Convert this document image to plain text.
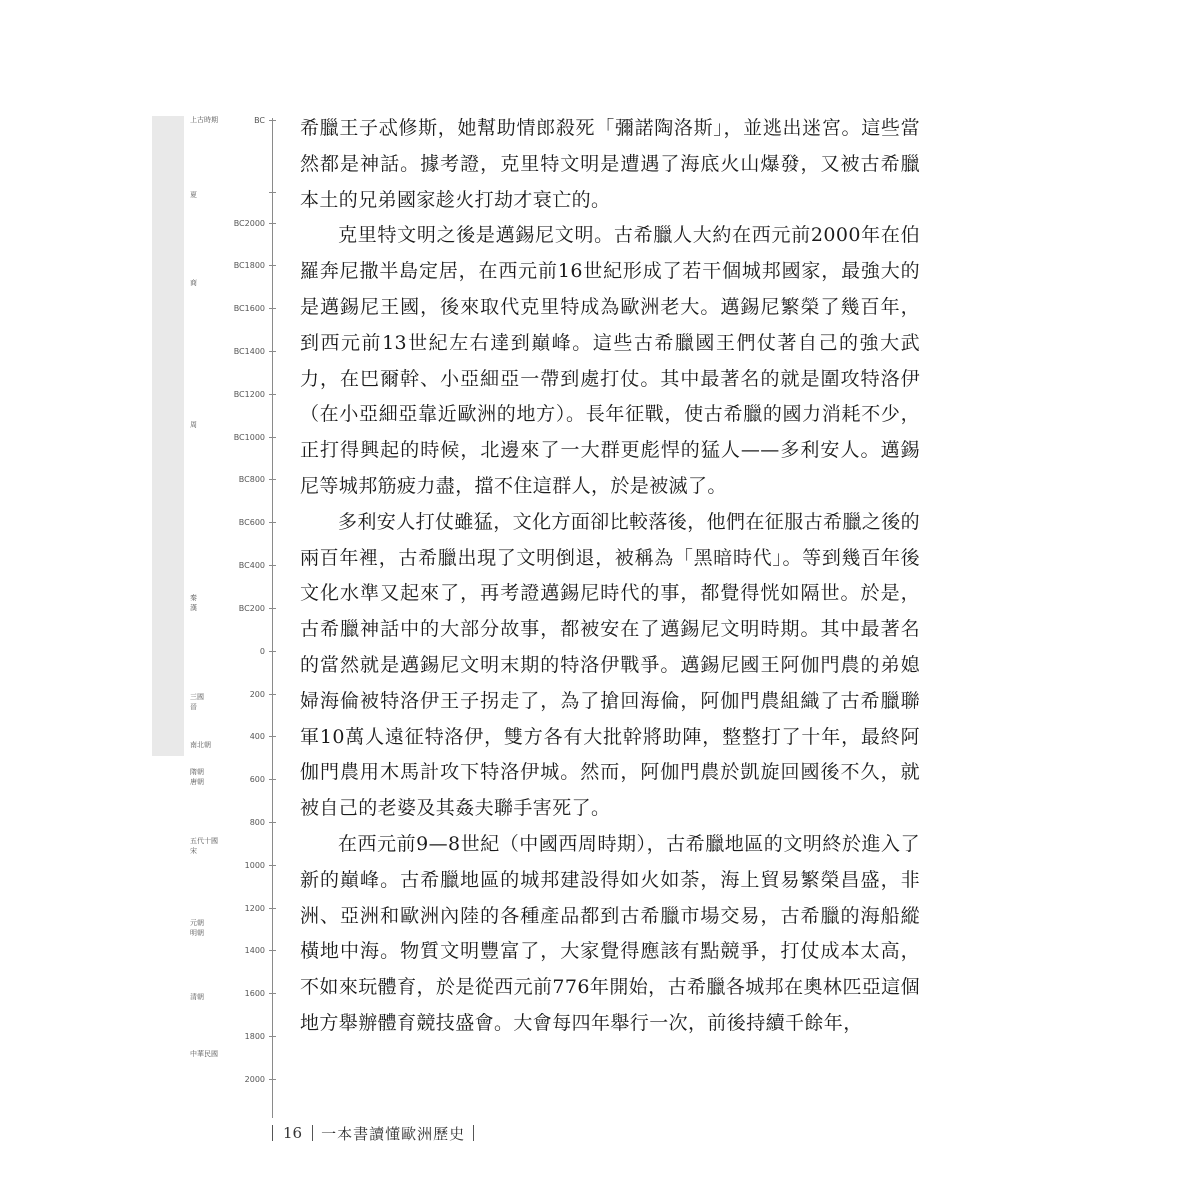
BC
BC2000
BC1800
BC1600
BC1400
BC1200
BC1000
BC800
BC600
BC400
BC200
0
200
400
600
800
1000
1200
1400
1600
1800
2000
上古時期
夏
商
周
秦
漢
三國
晉
南北朝
隋朝
唐朝
五代十國
宋
元朝
明朝
清朝
中華民國

希臘王子忒修斯，她幫助情郎殺死「彌諾陶洛斯」，並逃出迷宮。這些當然都是神話。據考證，克里特文明是遭遇了海底火山爆發，又被古希臘本土的兄弟國家趁火打劫才衰亡的。

克里特文明之後是邁錫尼文明。古希臘人大約在西元前2000年在伯羅奔尼撒半島定居，在西元前16世紀形成了若干個城邦國家，最強大的是邁錫尼王國，後來取代克里特成為歐洲老大。邁錫尼繁榮了幾百年，到西元前13世紀左右達到巔峰。這些古希臘國王們仗著自己的強大武力，在巴爾幹、小亞細亞一帶到處打仗。其中最著名的就是圍攻特洛伊（在小亞細亞靠近歐洲的地方）。長年征戰，使古希臘的國力消耗不少，正打得興起的時候，北邊來了一大群更彪悍的猛人——多利安人。邁錫尼等城邦筋疲力盡，擋不住這群人，於是被滅了。

多利安人打仗雖猛，文化方面卻比較落後，他們在征服古希臘之後的兩百年裡，古希臘出現了文明倒退，被稱為「黑暗時代」。等到幾百年後文化水準又起來了，再考證邁錫尼時代的事，都覺得恍如隔世。於是，古希臘神話中的大部分故事，都被安在了邁錫尼文明時期。其中最著名的當然就是邁錫尼文明末期的特洛伊戰爭。邁錫尼國王阿伽門農的弟媳婦海倫被特洛伊王子拐走了，為了搶回海倫，阿伽門農組織了古希臘聯軍10萬人遠征特洛伊，雙方各有大批幹將助陣，整整打了十年，最終阿伽門農用木馬計攻下特洛伊城。然而，阿伽門農於凱旋回國後不久，就被自己的老婆及其姦夫聯手害死了。

在西元前9—8世紀（中國西周時期），古希臘地區的文明終於進入了新的巔峰。古希臘地區的城邦建設得如火如荼，海上貿易繁榮昌盛，非洲、亞洲和歐洲內陸的各種產品都到古希臘市場交易，古希臘的海船縱橫地中海。物質文明豐富了，大家覺得應該有點競爭，打仗成本太高，不如來玩體育，於是從西元前776年開始，古希臘各城邦在奧林匹亞這個地方舉辦體育競技盛會。大會每四年舉行一次，前後持續千餘年，

16 一本書讀懂歐洲歷史
